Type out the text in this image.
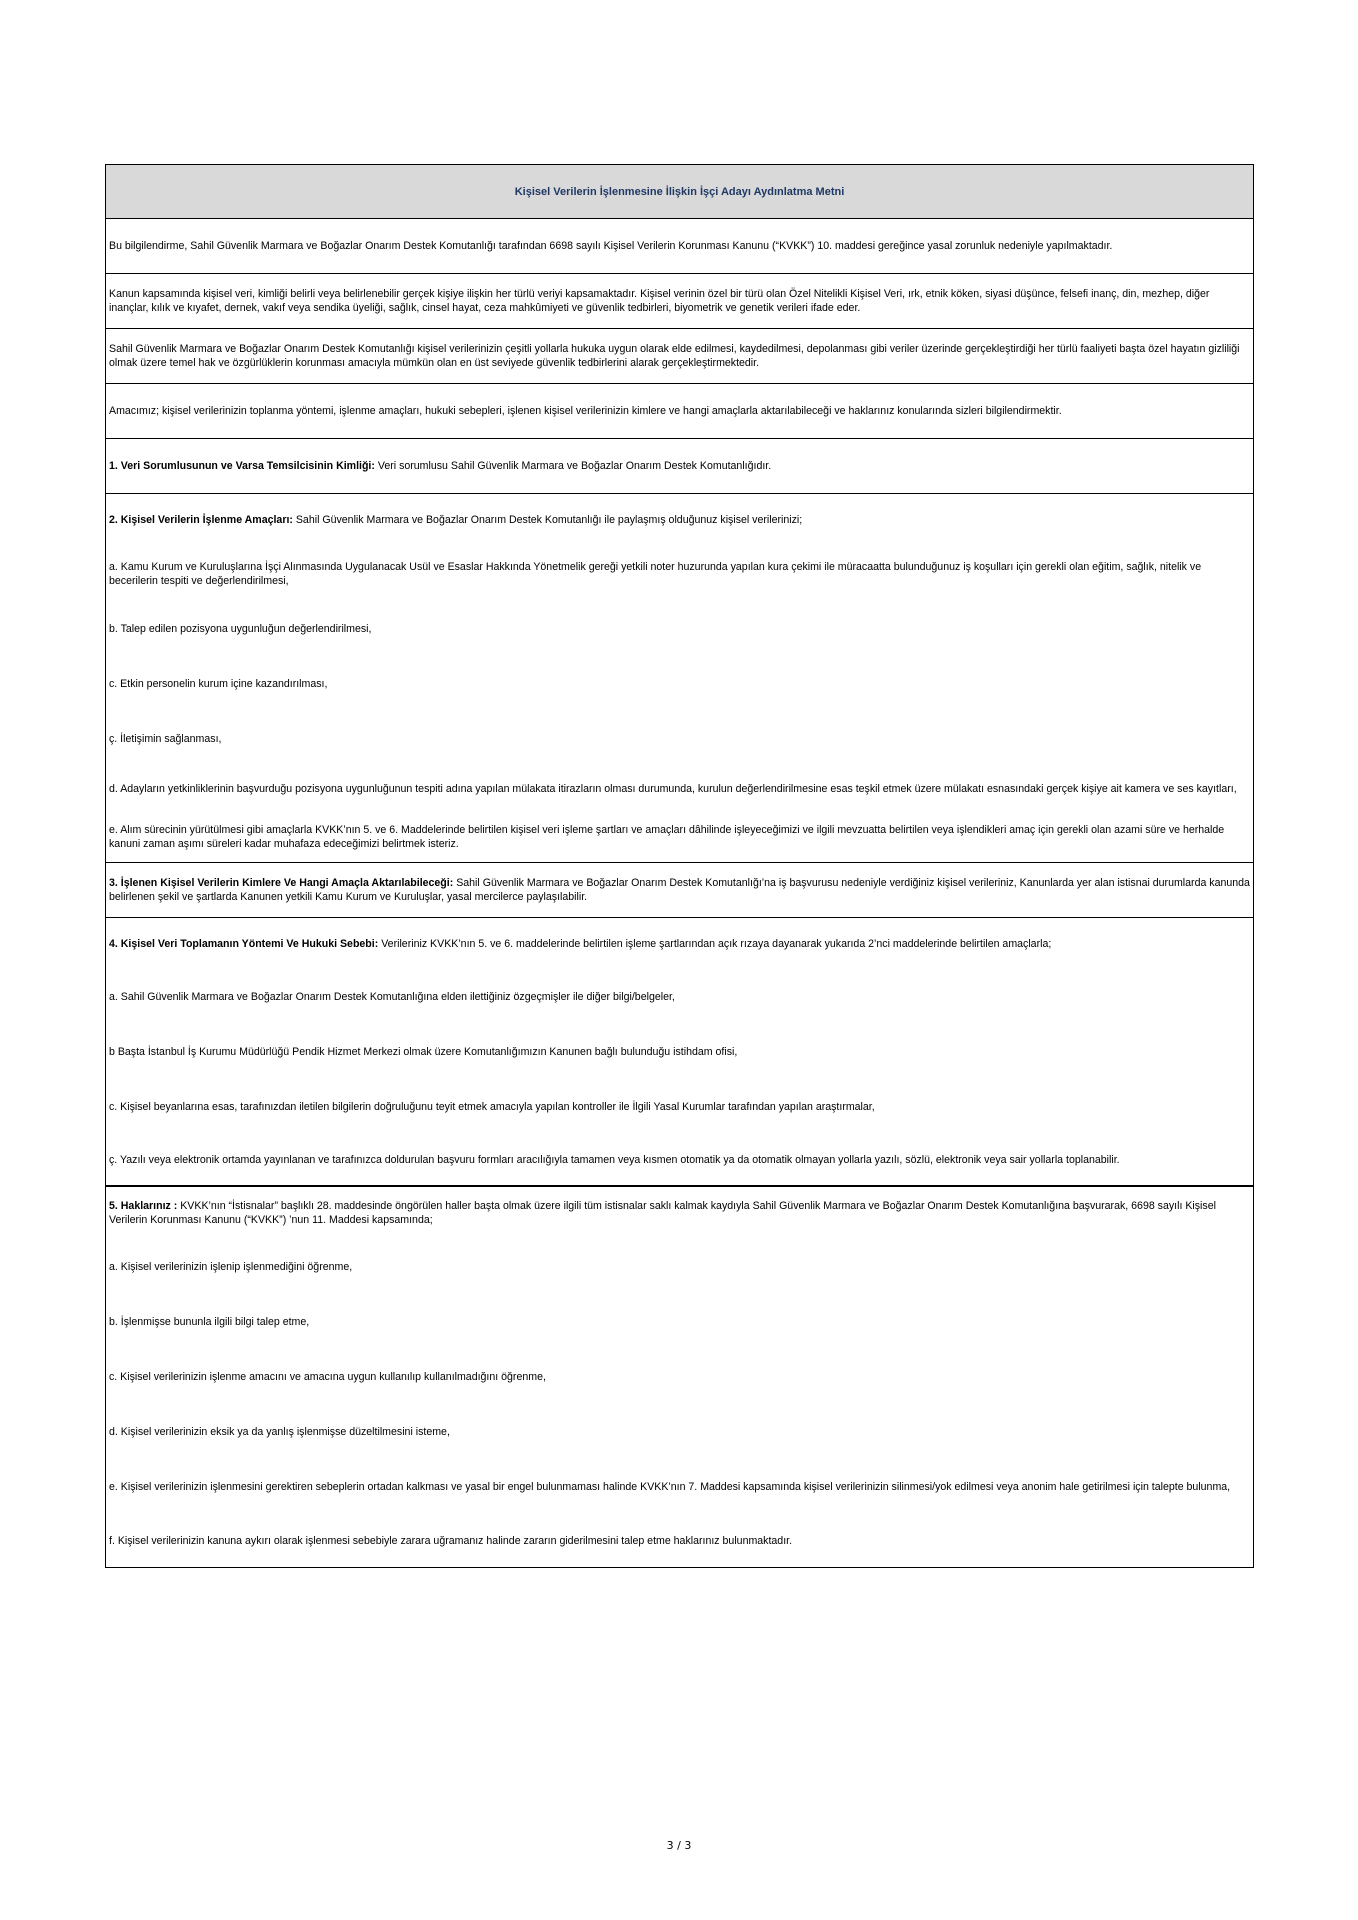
Kişisel Verilerin İşlenmesine İlişkin İşçi Adayı Aydınlatma Metni

Bu bilgilendirme, Sahil Güvenlik Marmara ve Boğazlar Onarım Destek Komutanlığı tarafından 6698 sayılı Kişisel Verilerin Korunması Kanunu (“KVKK”) 10. maddesi gereğince yasal zorunluk nedeniyle yapılmaktadır.

Kanun kapsamında kişisel veri, kimliği belirli veya belirlenebilir gerçek kişiye ilişkin her türlü veriyi kapsamaktadır. Kişisel verinin özel bir türü olan Özel Nitelikli Kişisel Veri, ırk, etnik köken, siyasi düşünce, felsefi inanç, din, mezhep, diğer inançlar, kılık ve kıyafet, dernek, vakıf veya sendika üyeliği, sağlık, cinsel hayat, ceza mahkûmiyeti ve güvenlik tedbirleri, biyometrik ve genetik verileri ifade eder.

Sahil Güvenlik Marmara ve Boğazlar Onarım Destek Komutanlığı kişisel verilerinizin çeşitli yollarla hukuka uygun olarak elde edilmesi, kaydedilmesi, depolanması gibi veriler üzerinde gerçekleştirdiği her türlü faaliyeti başta özel hayatın gizliliği olmak üzere temel hak ve özgürlüklerin korunması amacıyla mümkün olan en üst seviyede güvenlik tedbirlerini alarak gerçekleştirmektedir.

Amacımız; kişisel verilerinizin toplanma yöntemi, işlenme amaçları, hukuki sebepleri, işlenen kişisel verilerinizin kimlere ve hangi amaçlarla aktarılabileceği ve haklarınız konularında sizleri bilgilendirmektir.

1. Veri Sorumlusunun ve Varsa Temsilcisinin Kimliği: Veri sorumlusu Sahil Güvenlik Marmara ve Boğazlar Onarım Destek Komutanlığıdır.

2. Kişisel Verilerin İşlenme Amaçları: Sahil Güvenlik Marmara ve Boğazlar Onarım Destek Komutanlığı ile paylaşmış olduğunuz kişisel verilerinizi;

a. Kamu Kurum ve Kuruluşlarına İşçi Alınmasında Uygulanacak Usül ve Esaslar Hakkında Yönetmelik gereği yetkili noter huzurunda yapılan kura çekimi ile müracaatta bulunduğunuz iş koşulları için gerekli olan eğitim, sağlık, nitelik ve becerilerin tespiti ve değerlendirilmesi,

b. Talep edilen pozisyona uygunluğun değerlendirilmesi,

c. Etkin personelin kurum içine kazandırılması,

ç. İletişimin sağlanması,

d. Adayların yetkinliklerinin başvurduğu pozisyona uygunluğunun tespiti adına yapılan mülakata itirazların olması durumunda, kurulun değerlendirilmesine esas teşkil etmek üzere mülakatı esnasındaki gerçek kişiye ait kamera ve ses kayıtları,

e. Alım sürecinin yürütülmesi gibi amaçlarla KVKK’nın 5. ve 6. Maddelerinde belirtilen kişisel veri işleme şartları ve amaçları dâhilinde işleyeceğimizi ve ilgili mevzuatta belirtilen veya işlendikleri amaç için gerekli olan azami süre ve herhalde kanuni zaman aşımı süreleri kadar muhafaza edeceğimizi belirtmek isteriz.

3. İşlenen Kişisel Verilerin Kimlere Ve Hangi Amaçla Aktarılabileceği: Sahil Güvenlik Marmara ve Boğazlar Onarım Destek Komutanlığı’na iş başvurusu nedeniyle verdiğiniz kişisel verileriniz, Kanunlarda yer alan istisnai durumlarda kanunda belirlenen şekil ve şartlarda Kanunen yetkili Kamu Kurum ve Kuruluşlar, yasal mercilerce paylaşılabilir.

4. Kişisel Veri Toplamanın Yöntemi Ve Hukuki Sebebi: Verileriniz KVKK’nın 5. ve 6. maddelerinde belirtilen işleme şartlarından açık rızaya dayanarak yukarıda 2’nci maddelerinde belirtilen amaçlarla;

a. Sahil Güvenlik Marmara ve Boğazlar Onarım Destek Komutanlığına elden ilettiğiniz özgeçmişler ile diğer bilgi/belgeler,

b Başta İstanbul İş Kurumu Müdürlüğü Pendik Hizmet Merkezi olmak üzere Komutanlığımızın Kanunen bağlı bulunduğu istihdam ofisi,

c. Kişisel beyanlarına esas, tarafınızdan iletilen bilgilerin doğruluğunu teyit etmek amacıyla yapılan kontroller ile İlgili Yasal Kurumlar tarafından yapılan araştırmalar,

ç. Yazılı veya elektronik ortamda yayınlanan ve tarafınızca doldurulan başvuru formları aracılığıyla tamamen veya kısmen otomatik ya da otomatik olmayan yollarla yazılı, sözlü, elektronik veya sair yollarla toplanabilir.

5. Haklarınız : KVKK’nın “İstisnalar” başlıklı 28. maddesinde öngörülen haller başta olmak üzere ilgili tüm istisnalar saklı kalmak kaydıyla Sahil Güvenlik Marmara ve Boğazlar Onarım Destek Komutanlığına başvurarak, 6698 sayılı Kişisel Verilerin Korunması Kanunu (“KVKK”) ’nun 11. Maddesi kapsamında;

a. Kişisel verilerinizin işlenip işlenmediğini öğrenme,

b. İşlenmişse bununla ilgili bilgi talep etme,

c. Kişisel verilerinizin işlenme amacını ve amacına uygun kullanılıp kullanılmadığını öğrenme,

d. Kişisel verilerinizin eksik ya da yanlış işlenmişse düzeltilmesini isteme,

e. Kişisel verilerinizin işlenmesini gerektiren sebeplerin ortadan kalkması ve yasal bir engel bulunmaması halinde KVKK’nın 7. Maddesi kapsamında kişisel verilerinizin silinmesi/yok edilmesi veya anonim hale getirilmesi için talepte bulunma,

f. Kişisel verilerinizin kanuna aykırı olarak işlenmesi sebebiyle zarara uğramanız halinde zararın giderilmesini talep etme haklarınız bulunmaktadır.

3 / 3
